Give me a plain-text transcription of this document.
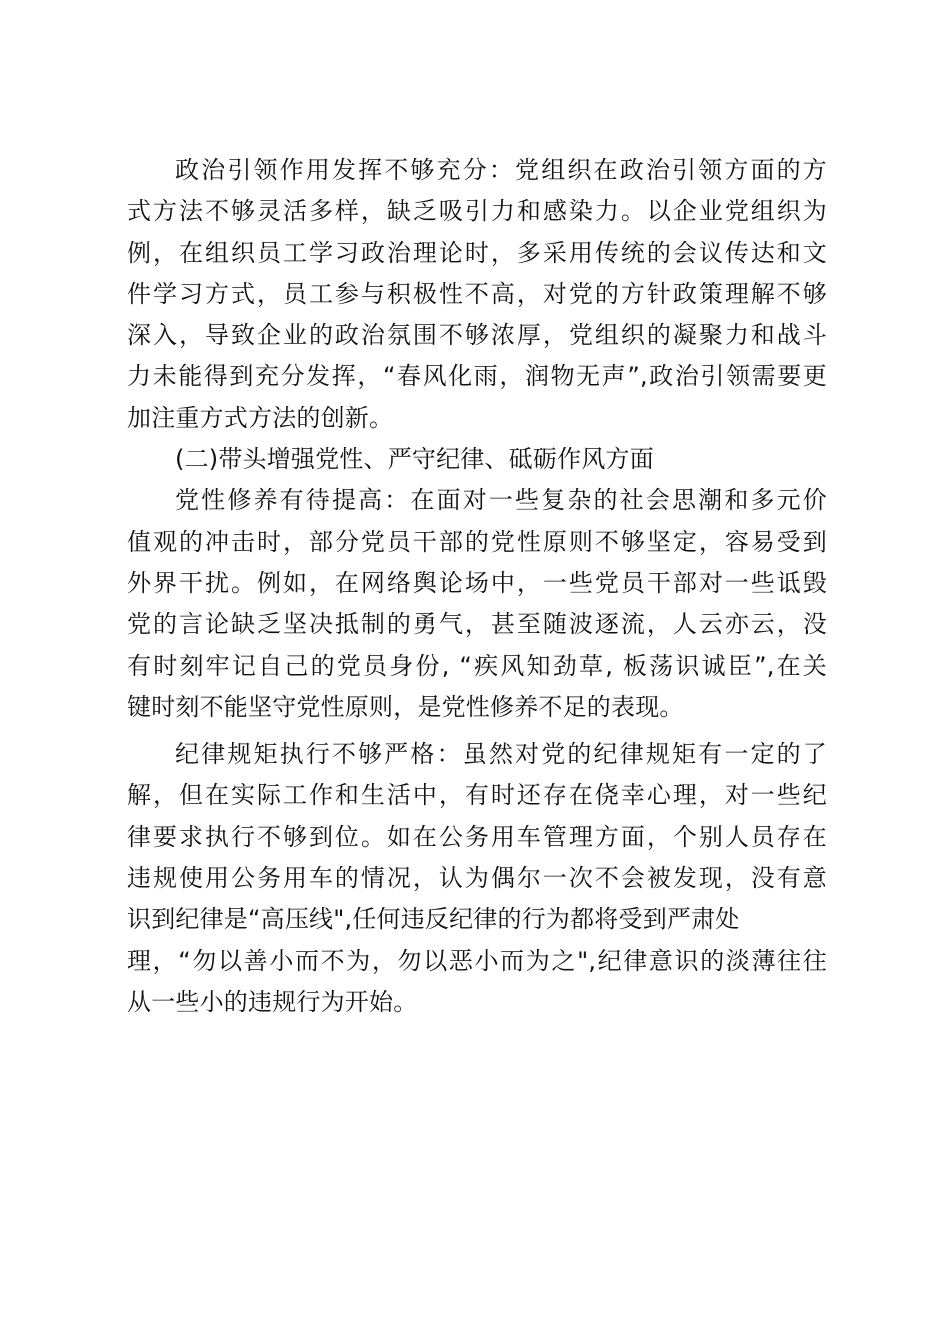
政治引领作用发挥不够充分：党组织在政治引领方面的方
式方法不够灵活多样，缺乏吸引力和感染力。以企业党组织为
例，在组织员工学习政治理论时，多采用传统的会议传达和文
件学习方式，员工参与积极性不高，对党的方针政策理解不够
深入，导致企业的政治氛围不够浓厚，党组织的凝聚力和战斗
力未能得到充分发挥，“春风化雨，润物无声”,政治引领需要更
加注重方式方法的创新。
(二)带头增强党性、严守纪律、砥砺作风方面
党性修养有待提高：在面对一些复杂的社会思潮和多元价
值观的冲击时，部分党员干部的党性原则不够坚定，容易受到
外界干扰。例如，在网络舆论场中，一些党员干部对一些诋毁
党的言论缺乏坚决抵制的勇气，甚至随波逐流，人云亦云，没
有时刻牢记自己的党员身份, “疾风知劲草, 板荡识诚臣”,在关
键时刻不能坚守党性原则，是党性修养不足的表现。
纪律规矩执行不够严格：虽然对党的纪律规矩有一定的了
解，但在实际工作和生活中，有时还存在侥幸心理，对一些纪
律要求执行不够到位。如在公务用车管理方面，个别人员存在
违规使用公务用车的情况，认为偶尔一次不会被发现，没有意
识到纪律是“高压线",任何违反纪律的行为都将受到严肃处
理，“勿以善小而不为，勿以恶小而为之",纪律意识的淡薄往往
从一些小的违规行为开始。
